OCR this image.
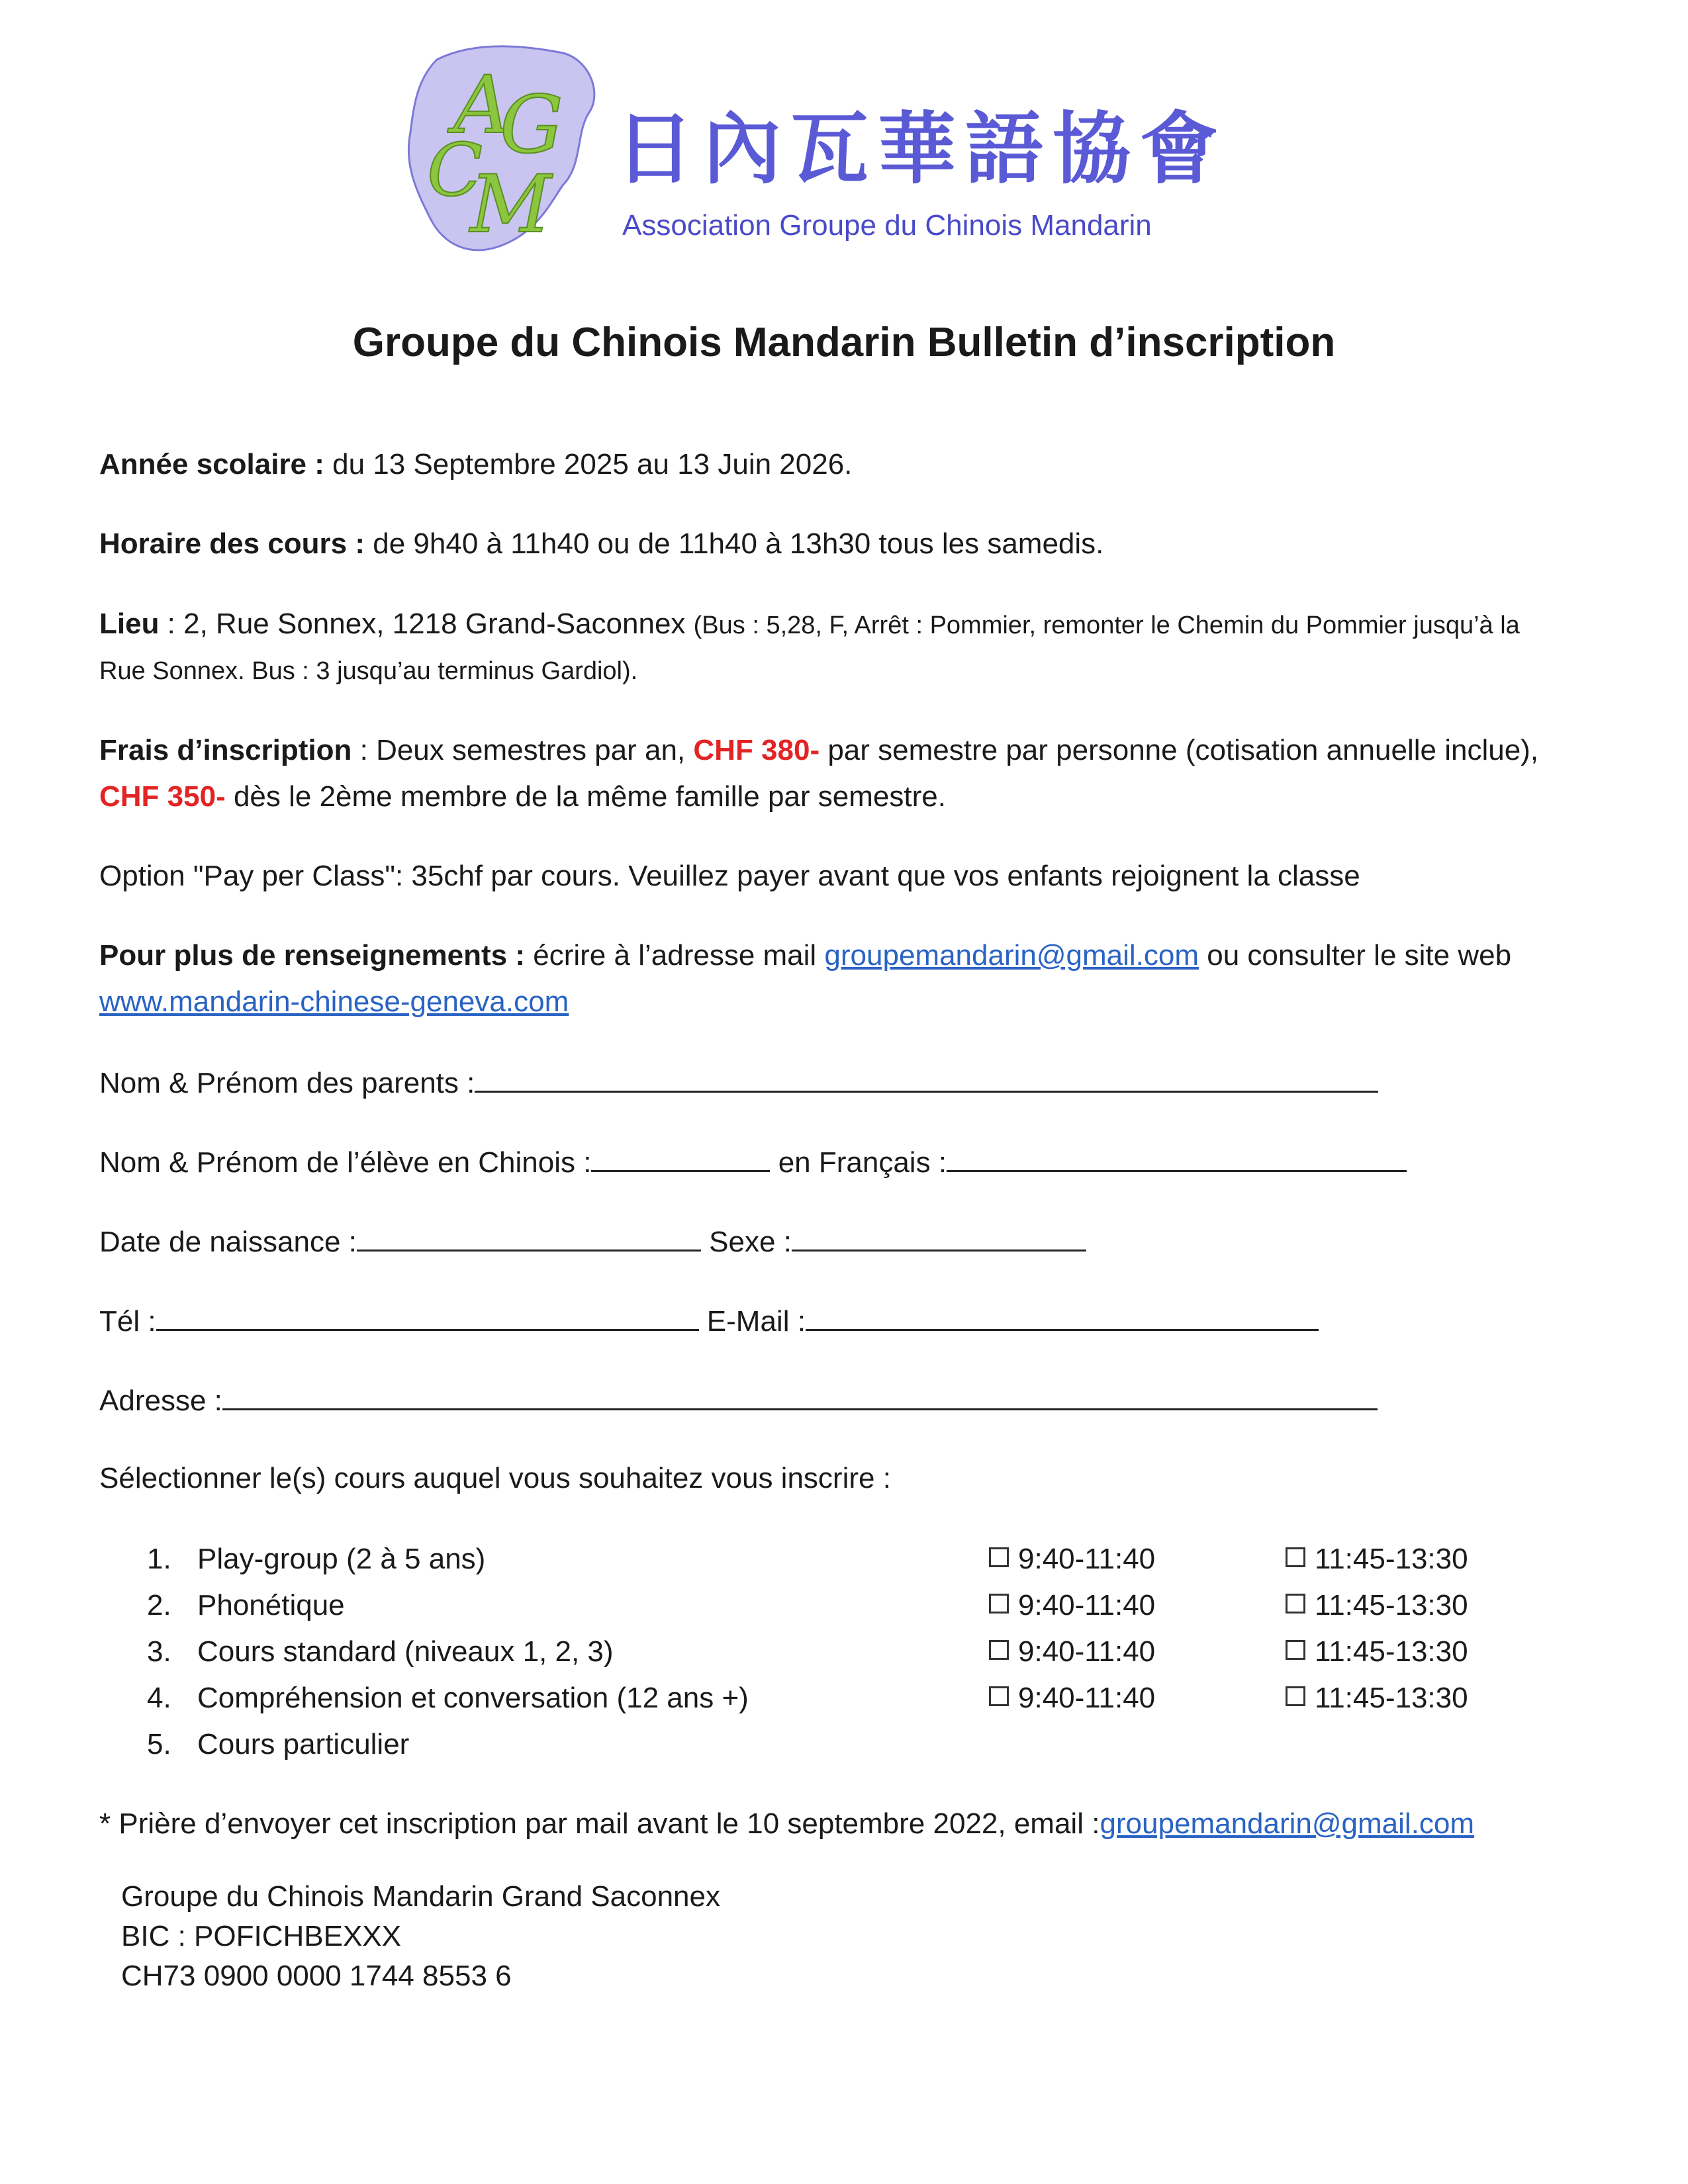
A
G
C
M
日內瓦華語協會
Association Groupe du Chinois Mandarin
Groupe du Chinois Mandarin Bulletin d’inscription
Année scolaire : du 13 Septembre 2025 au 13 Juin 2026.
Horaire des cours : de 9h40 à 11h40 ou de 11h40 à 13h30 tous les samedis.
Lieu : 2, Rue Sonnex, 1218 Grand-Saconnex (Bus : 5,28, F, Arrêt : Pommier, remonter le Chemin du Pommier jusqu’à la
Rue Sonnex. Bus : 3 jusqu’au terminus Gardiol).
Frais d’inscription : Deux semestres par an, CHF 380- par semestre par personne (cotisation annuelle inclue),
CHF 350- dès le 2ème membre de la même famille par semestre.
Option "Pay per Class": 35chf par cours. Veuillez payer avant que vos enfants rejoignent la classe
Pour plus de renseignements : écrire à l’adresse mail groupemandarin@gmail.com ou consulter le site web
www.mandarin-chinese-geneva.com
Nom & Prénom des parents :
Nom & Prénom de l’élève en Chinois :	en Français :
Date de naissance :	Sexe :
Tél :	E-Mail :
Adresse :
Sélectionner le(s) cours auquel vous souhaitez vous inscrire :
1. Play-group (2 à 5 ans)	9:40-11:40	11:45-13:30
2. Phonétique	9:40-11:40	11:45-13:30
3. Cours standard (niveaux 1, 2, 3)	9:40-11:40	11:45-13:30
4. Compréhension et conversation (12 ans +)	9:40-11:40	11:45-13:30
5. Cours particulier
* Prière d’envoyer cet inscription par mail avant le 10 septembre 2022, email :groupemandarin@gmail.com
Groupe du Chinois Mandarin Grand Saconnex
BIC : POFICHBEXXX
CH73 0900 0000 1744 8553 6
